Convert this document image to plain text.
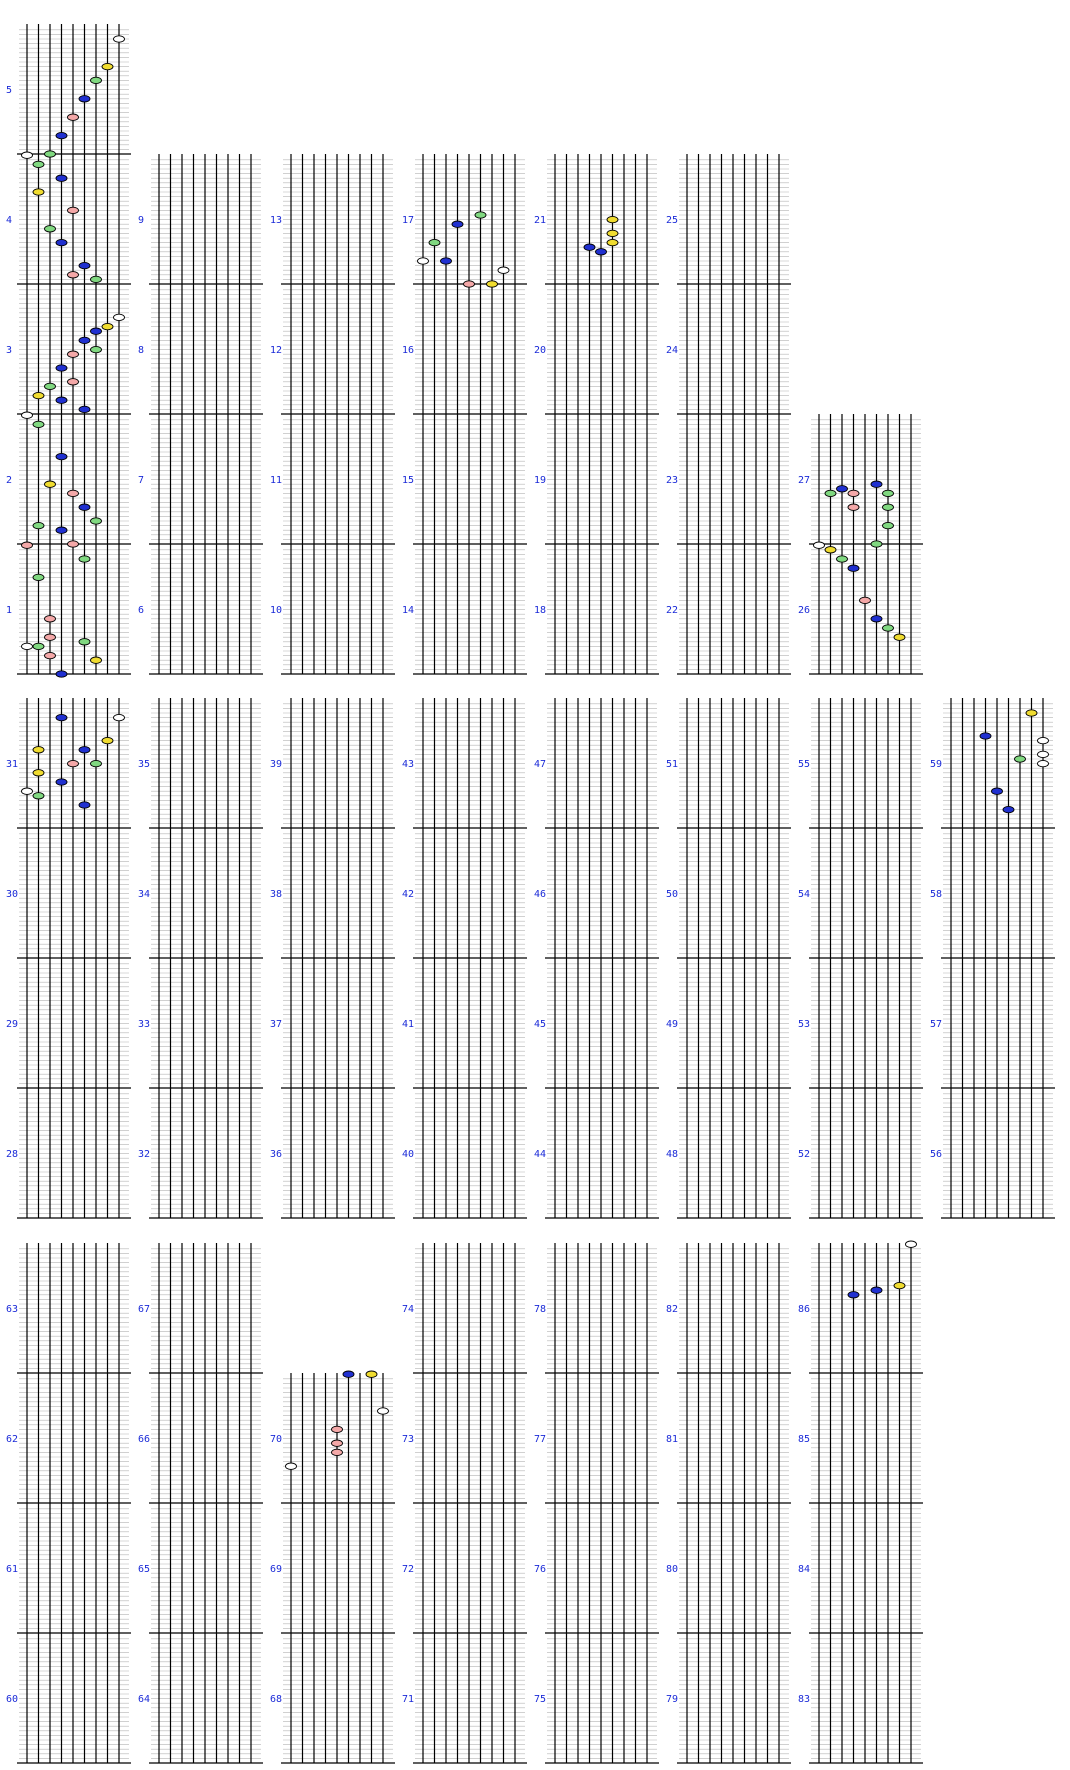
1
2
3
4
5
6
7
8
9
10
11
12
13
14
15
16
17
18
19
20
21
22
23
24
25
26
27
28
29
30
31
32
33
34
35
36
37
38
39
40
41
42
43
44
45
46
47
48
49
50
51
52
53
54
55
56
57
58
59
60
61
62
63
64
65
66
67
68
69
70
71
72
73
74
75
76
77
78
79
80
81
82
83
84
85
86
